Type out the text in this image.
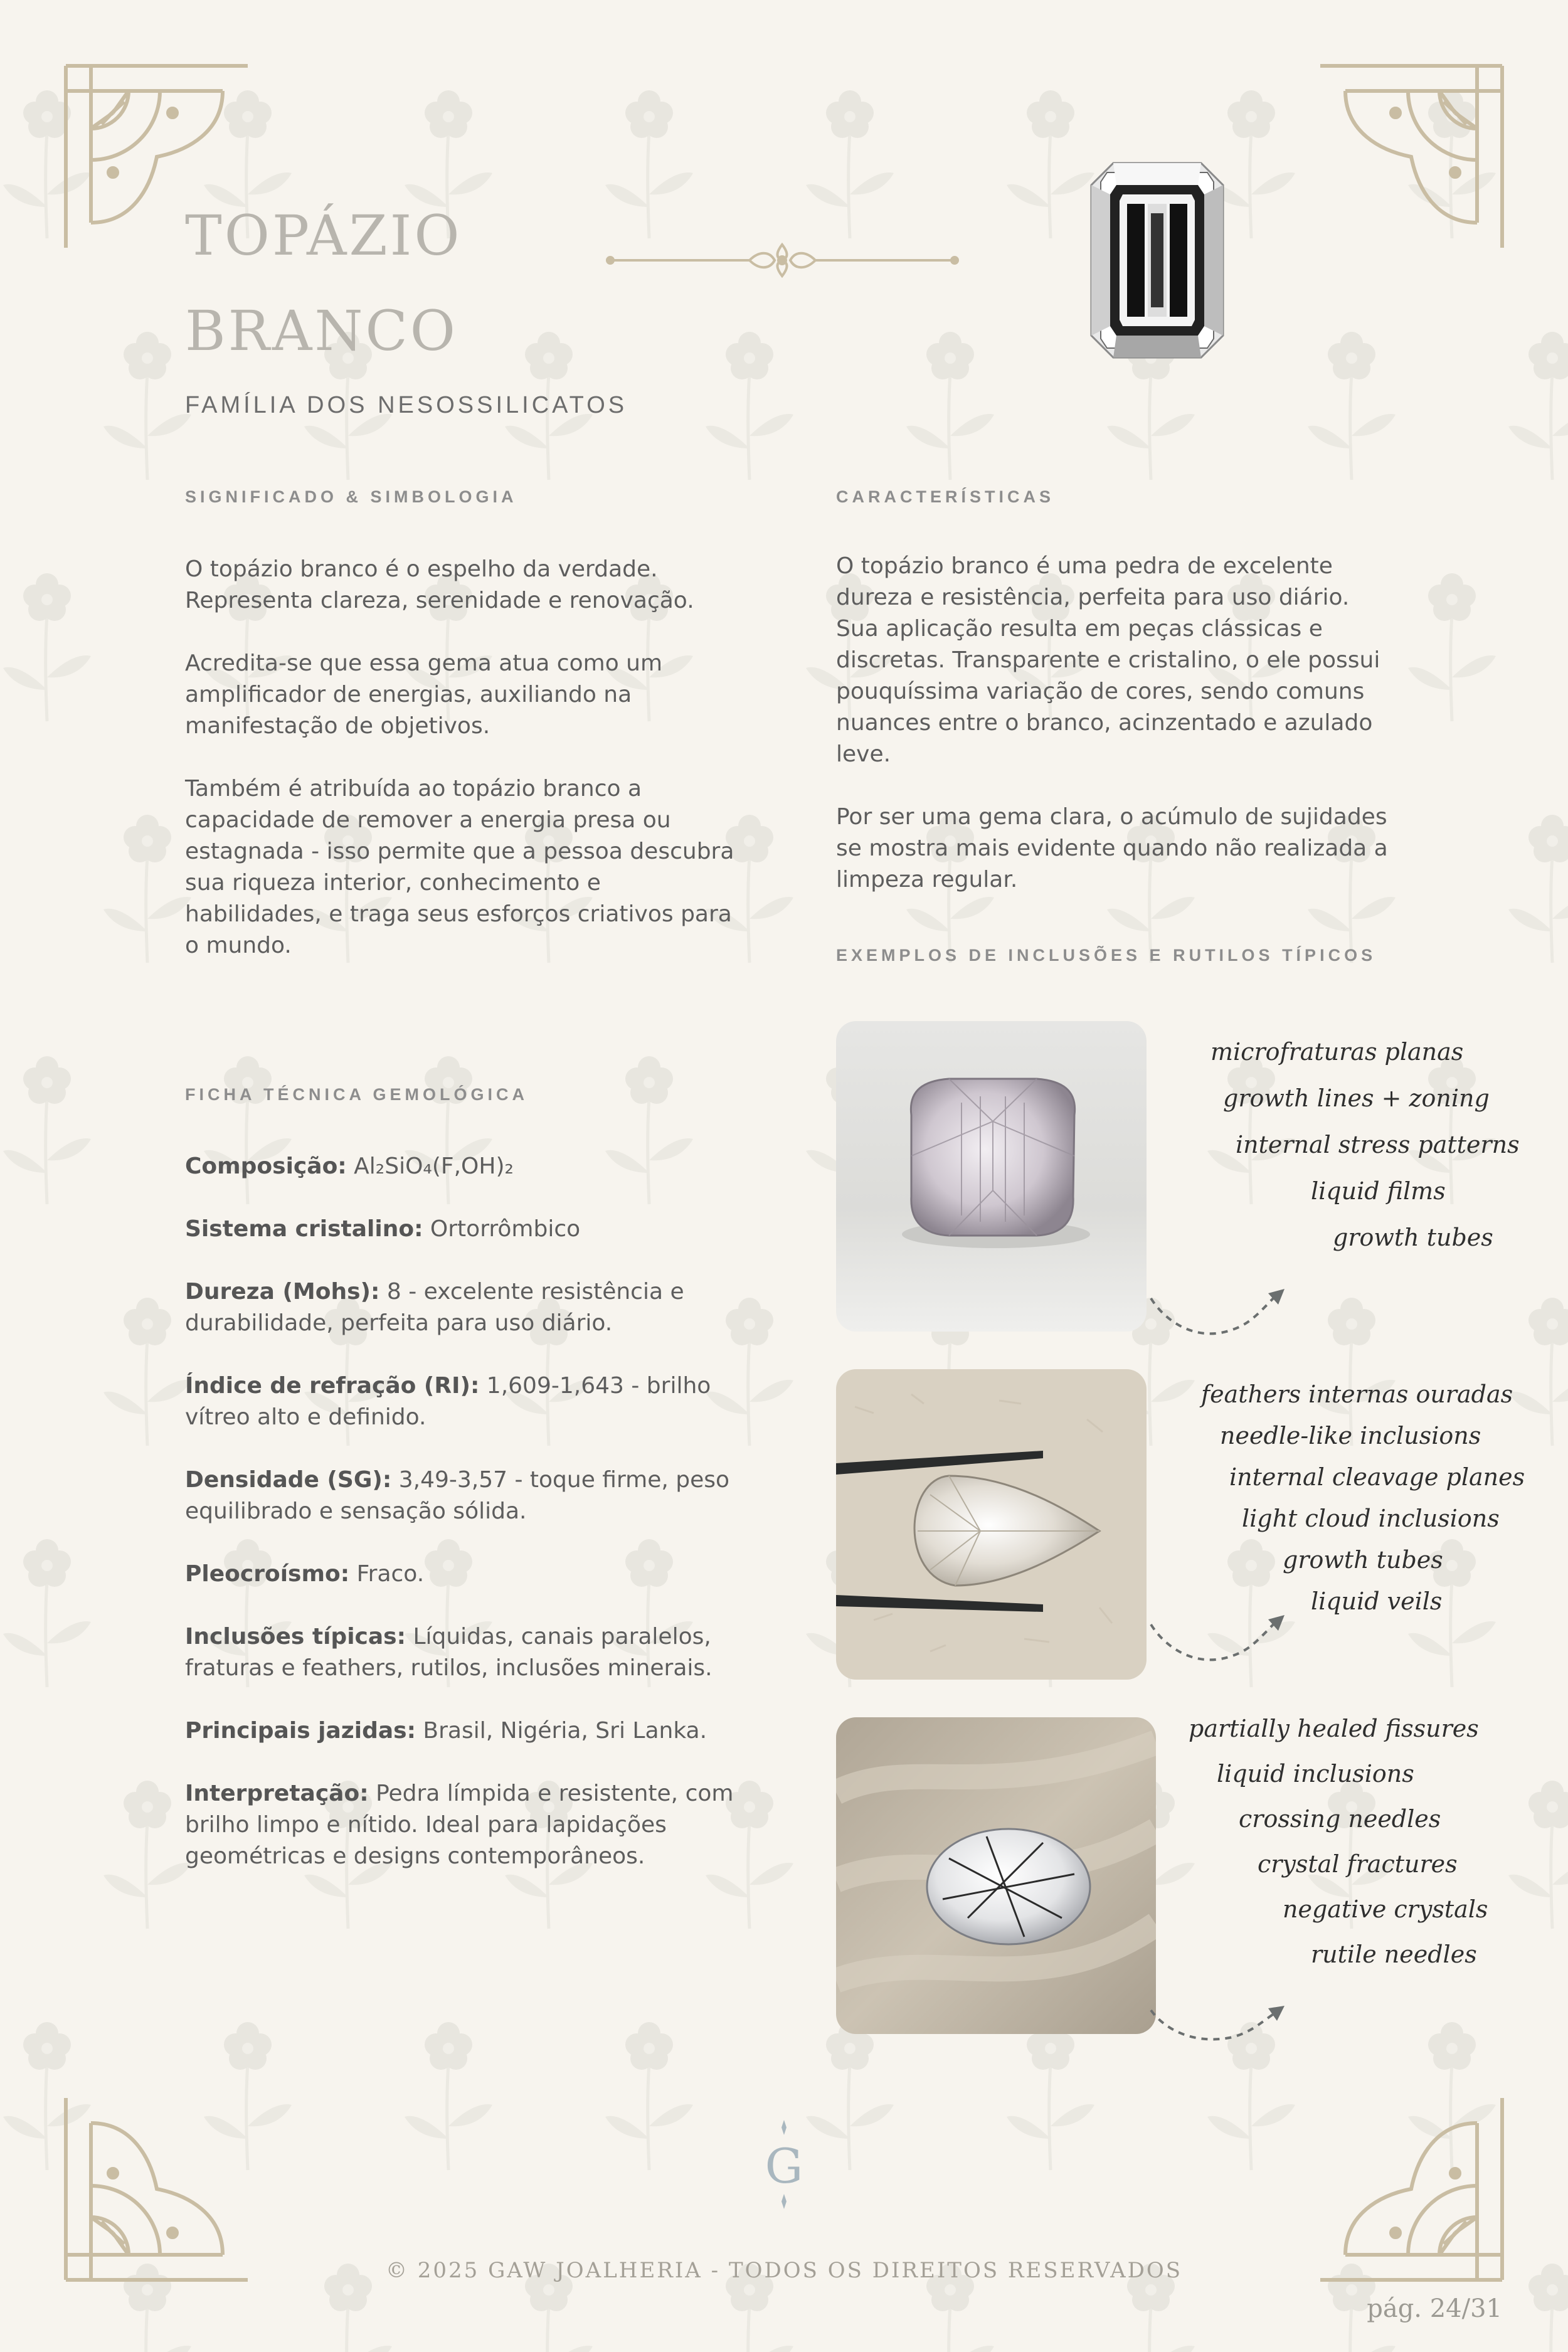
TOPÁZIO
BRANCO
FAMÍLIA DOS NESOSSILICATOS
SIGNIFICADO & SIMBOLOGIA

O topázio branco é o espelho da verdade. Representa clareza, serenidade e renovação.

Acredita-se que essa gema atua como um amplificador de energias, auxiliando na manifestação de objetivos.

Também é atribuída ao topázio branco a capacidade de remover a energia presa ou estagnada - isso permite que a pessoa descubra sua riqueza interior, conhecimento e habilidades, e traga seus esforços criativos para o mundo.

CARACTERÍSTICAS

O topázio branco é uma pedra de excelente dureza e resistência, perfeita para uso diário. Sua aplicação resulta em peças clássicas e discretas. Transparente e cristalino, o ele possui pouquíssima variação de cores, sendo comuns nuances entre o branco, acinzentado e azulado leve.

Por ser uma gema clara, o acúmulo de sujidades se mostra mais evidente quando não realizada a limpeza regular.

EXEMPLOS DE INCLUSÕES E RUTILOS TÍPICOS
FICHA TÉCNICA GEMOLÓGICA

Composição: Al₂SiO₄(F,OH)₂

Sistema cristalino: Ortorrômbico

Dureza (Mohs): 8 - excelente resistência e durabilidade, perfeita para uso diário.

Índice de refração (RI): 1,609-1,643 - brilho vítreo alto e definido.

Densidade (SG): 3,49-3,57 - toque firme, peso equilibrado e sensação sólida.

Pleocroísmo: Fraco.

Inclusões típicas: Líquidas, canais paralelos, fraturas e feathers, rutilos, inclusões minerais.

Principais jazidas: Brasil, Nigéria, Sri Lanka.

Interpretação: Pedra límpida e resistente, com brilho limpo e nítido. Ideal para lapidações geométricas e designs contemporâneos.

microfraturas planas
growth lines + zoning
internal stress patterns
liquid films
growth tubes
feathers internas ouradas
needle-like inclusions
internal cleavage planes
light cloud inclusions
growth tubes
liquid veils
partially healed fissures
liquid inclusions
crossing needles
crystal fractures
negative crystals
rutile needles
G
© 2025 GAW JOALHERIA - TODOS OS DIREITOS RESERVADOS
pág. 24/31
